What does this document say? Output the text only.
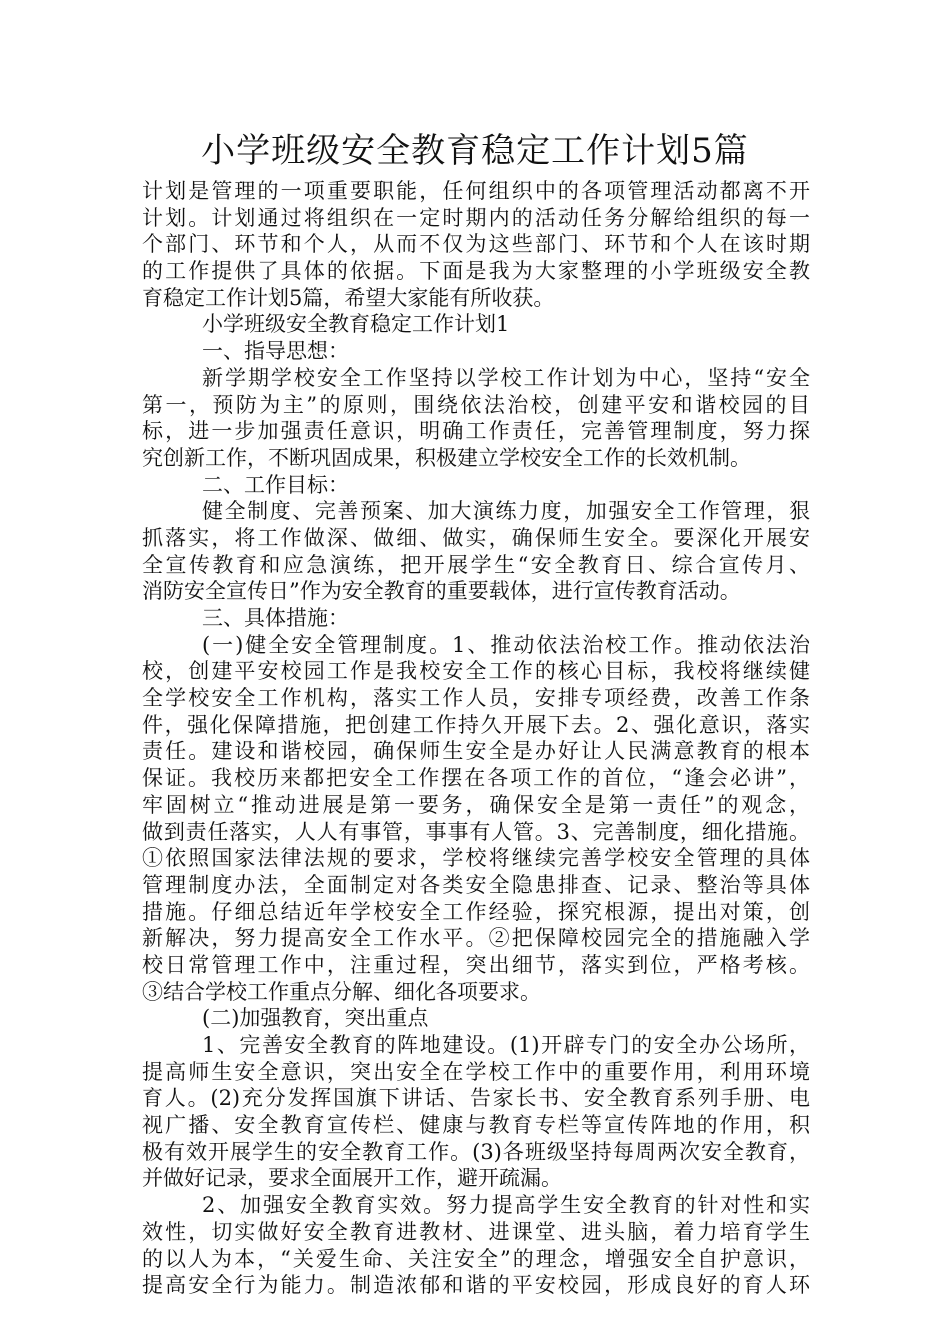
小学班级安全教育稳定工作计划5篇
计划是管理的一项重要职能，任何组织中的各项管理活动都离不开
计划。计划通过将组织在一定时期内的活动任务分解给组织的每一
个部门、环节和个人，从而不仅为这些部门、环节和个人在该时期
的工作提供了具体的依据。下面是我为大家整理的小学班级安全教
育稳定工作计划5篇，希望大家能有所收获。
小学班级安全教育稳定工作计划1
一、指导思想：
新学期学校安全工作坚持以学校工作计划为中心，坚持“安全
第一，预防为主”的原则，围绕依法治校，创建平安和谐校园的目
标，进一步加强责任意识，明确工作责任，完善管理制度，努力探
究创新工作，不断巩固成果，积极建立学校安全工作的长效机制。
二、工作目标：
健全制度、完善预案、加大演练力度，加强安全工作管理，狠
抓落实，将工作做深、做细、做实，确保师生安全。要深化开展安
全宣传教育和应急演练，把开展学生“安全教育日、综合宣传月、
消防安全宣传日”作为安全教育的重要载体，进行宣传教育活动。
三、具体措施：
(一)健全安全管理制度。1、推动依法治校工作。推动依法治
校，创建平安校园工作是我校安全工作的核心目标，我校将继续健
全学校安全工作机构，落实工作人员，安排专项经费，改善工作条
件，强化保障措施，把创建工作持久开展下去。2、强化意识，落实
责任。建设和谐校园，确保师生安全是办好让人民满意教育的根本
保证。我校历来都把安全工作摆在各项工作的首位，“逢会必讲”，
牢固树立“推动进展是第一要务，确保安全是第一责任”的观念，
做到责任落实，人人有事管，事事有人管。3、完善制度，细化措施。
①依照国家法律法规的要求，学校将继续完善学校安全管理的具体
管理制度办法，全面制定对各类安全隐患排查、记录、整治等具体
措施。仔细总结近年学校安全工作经验，探究根源，提出对策，创
新解决，努力提高安全工作水平。②把保障校园完全的措施融入学
校日常管理工作中，注重过程，突出细节，落实到位，严格考核。
③结合学校工作重点分解、细化各项要求。
(二)加强教育，突出重点
1、完善安全教育的阵地建设。(1)开辟专门的安全办公场所，
提高师生安全意识，突出安全在学校工作中的重要作用，利用环境
育人。(2)充分发挥国旗下讲话、告家长书、安全教育系列手册、电
视广播、安全教育宣传栏、健康与教育专栏等宣传阵地的作用，积
极有效开展学生的安全教育工作。(3)各班级坚持每周两次安全教育，
并做好记录，要求全面展开工作，避开疏漏。
2、加强安全教育实效。努力提高学生安全教育的针对性和实
效性，切实做好安全教育进教材、进课堂、进头脑，着力培育学生
的以人为本，“关爱生命、关注安全”的理念，增强安全自护意识，
提高安全行为能力。制造浓郁和谐的平安校园，形成良好的育人环
